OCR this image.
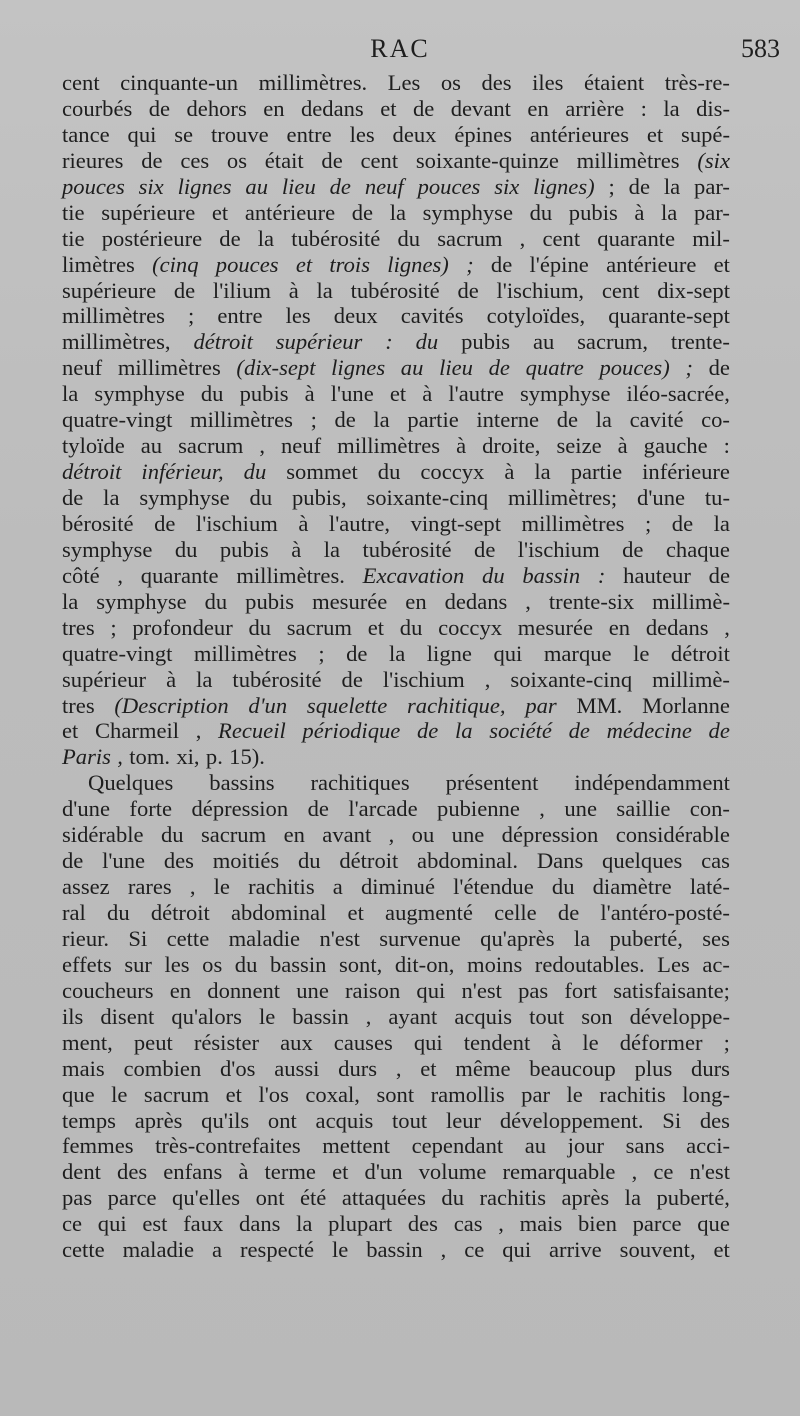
RAC	583
cent cinquante-un millimètres. Les os des iles étaient très-re-
courbés de dehors en dedans et de devant en arrière : la dis-
tance qui se trouve entre les deux épines antérieures et supé-
rieures de ces os était de cent soixante-quinze millimètres (six
pouces six lignes au lieu de neuf pouces six lignes) ; de la par-
tie supérieure et antérieure de la symphyse du pubis à la par-
tie postérieure de la tubérosité du sacrum , cent quarante mil-
limètres (cinq pouces et trois lignes) ; de l'épine antérieure et
supérieure de l'ilium à la tubérosité de l'ischium, cent dix-sept
millimètres ; entre les deux cavités cotyloïdes, quarante-sept
millimètres, détroit supérieur : du pubis au sacrum, trente-
neuf millimètres (dix-sept lignes au lieu de quatre pouces) ; de
la symphyse du pubis à l'une et à l'autre symphyse iléo-sacrée,
quatre-vingt millimètres ; de la partie interne de la cavité co-
tyloïde au sacrum , neuf millimètres à droite, seize à gauche :
détroit inférieur, du sommet du coccyx à la partie inférieure
de la symphyse du pubis, soixante-cinq millimètres; d'une tu-
bérosité de l'ischium à l'autre, vingt-sept millimètres ; de la
symphyse du pubis à la tubérosité de l'ischium de chaque
côté , quarante millimètres. Excavation du bassin : hauteur de
la symphyse du pubis mesurée en dedans , trente-six millimè-
tres ; profondeur du sacrum et du coccyx mesurée en dedans ,
quatre-vingt millimètres ; de la ligne qui marque le détroit
supérieur à la tubérosité de l'ischium , soixante-cinq millimè-
tres (Description d'un squelette rachitique, par MM. Morlanne
et Charmeil , Recueil périodique de la société de médecine de
Paris , tom. xi, p. 15).
Quelques bassins rachitiques présentent indépendamment
d'une forte dépression de l'arcade pubienne , une saillie con-
sidérable du sacrum en avant , ou une dépression considérable
de l'une des moitiés du détroit abdominal. Dans quelques cas
assez rares , le rachitis a diminué l'étendue du diamètre laté-
ral du détroit abdominal et augmenté celle de l'antéro-posté-
rieur. Si cette maladie n'est survenue qu'après la puberté, ses
effets sur les os du bassin sont, dit-on, moins redoutables. Les ac-
coucheurs en donnent une raison qui n'est pas fort satisfaisante;
ils disent qu'alors le bassin , ayant acquis tout son développe-
ment, peut résister aux causes qui tendent à le déformer ;
mais combien d'os aussi durs , et même beaucoup plus durs
que le sacrum et l'os coxal, sont ramollis par le rachitis long-
temps après qu'ils ont acquis tout leur développement. Si des
femmes très-contrefaites mettent cependant au jour sans acci-
dent des enfans à terme et d'un volume remarquable , ce n'est
pas parce qu'elles ont été attaquées du rachitis après la puberté,
ce qui est faux dans la plupart des cas , mais bien parce que
cette maladie a respecté le bassin , ce qui arrive souvent, et
